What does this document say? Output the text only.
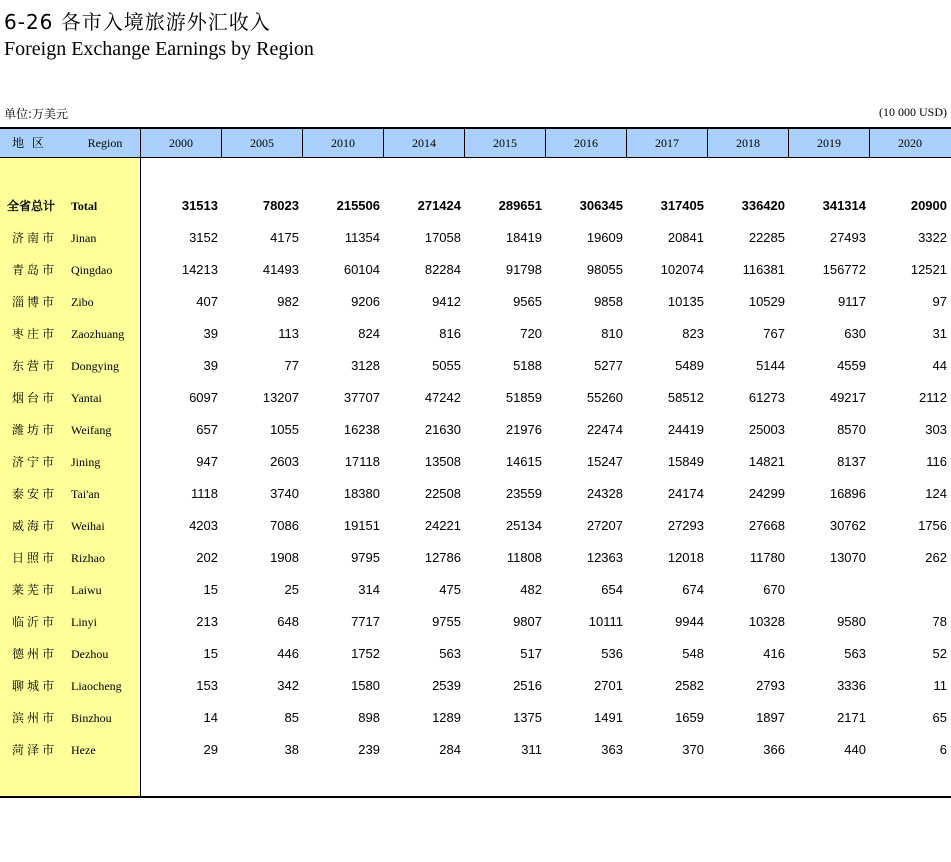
6-26 各市入境旅游外汇收入
Foreign Exchange Earnings by Region
单位:万美元	(10 000 USD)
地 区	Region	2000	2005	2010	2014	2015	2016	2017	2018	2019	2020
全省总计 Total	31513	78023	215506	271424	289651	306345	317405	336420	341314	20900
济南市 Jinan	3152	4175	11354	17058	18419	19609	20841	22285	27493	3322
青岛市 Qingdao	14213	41493	60104	82284	91798	98055	102074	116381	156772	12521
淄博市 Zibo	407	982	9206	9412	9565	9858	10135	10529	9117	97
枣庄市 Zaozhuang	39	113	824	816	720	810	823	767	630	31
东营市 Dongying	39	77	3128	5055	5188	5277	5489	5144	4559	44
烟台市 Yantai	6097	13207	37707	47242	51859	55260	58512	61273	49217	2112
潍坊市 Weifang	657	1055	16238	21630	21976	22474	24419	25003	8570	303
济宁市 Jining	947	2603	17118	13508	14615	15247	15849	14821	8137	116
泰安市 Tai'an	1118	3740	18380	22508	23559	24328	24174	24299	16896	124
威海市 Weihai	4203	7086	19151	24221	25134	27207	27293	27668	30762	1756
日照市 Rizhao	202	1908	9795	12786	11808	12363	12018	11780	13070	262
莱芜市 Laiwu	15	25	314	475	482	654	674	670
临沂市 Linyi	213	648	7717	9755	9807	10111	9944	10328	9580	78
德州市 Dezhou	15	446	1752	563	517	536	548	416	563	52
聊城市 Liaocheng	153	342	1580	2539	2516	2701	2582	2793	3336	11
滨州市 Binzhou	14	85	898	1289	1375	1491	1659	1897	2171	65
菏泽市 Heze	29	38	239	284	311	363	370	366	440	6
